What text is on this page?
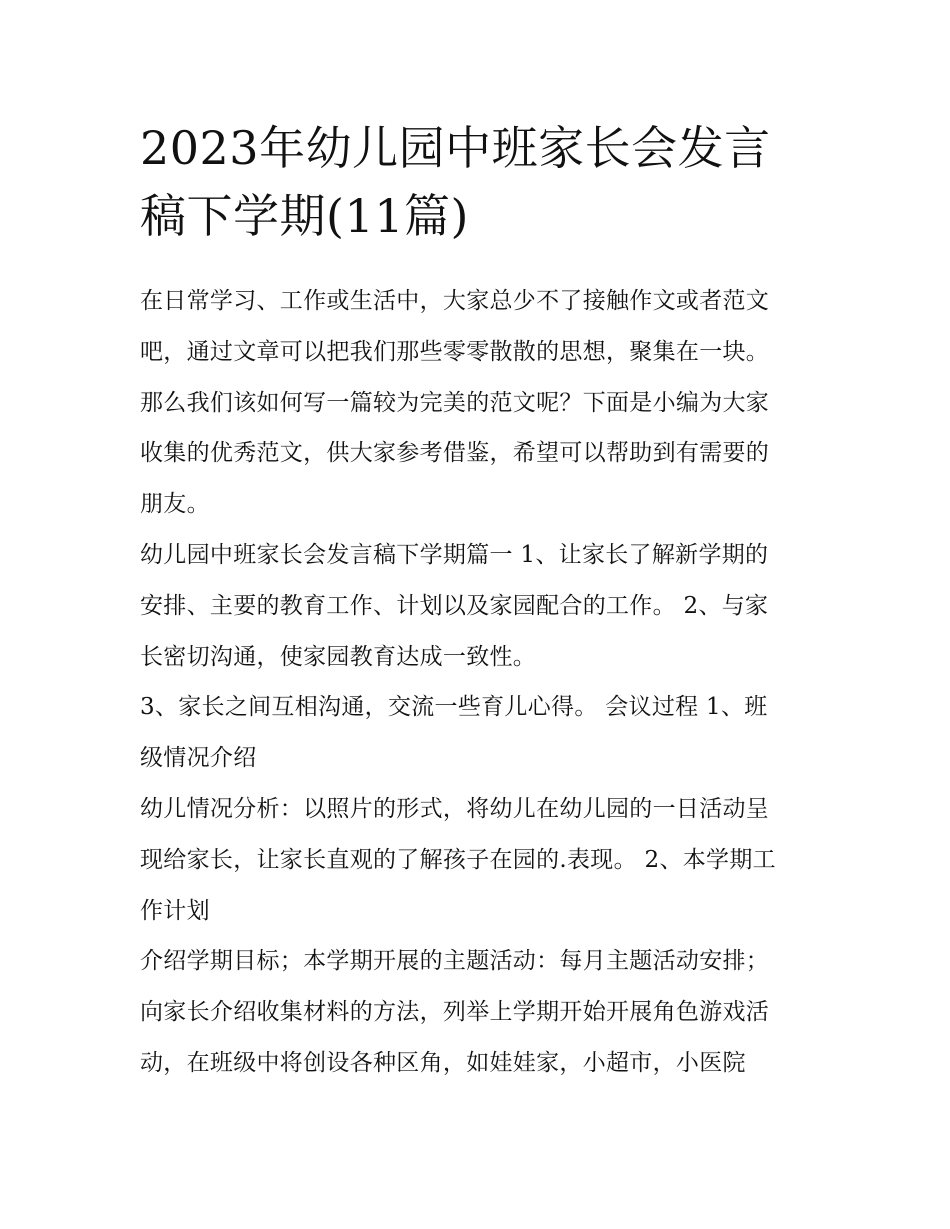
2023年幼儿园中班家长会发言
稿下学期(11篇)

在日常学习、工作或生活中，大家总少不了接触作文或者范文
吧，通过文章可以把我们那些零零散散的思想，聚集在一块。
那么我们该如何写一篇较为完美的范文呢？下面是小编为大家
收集的优秀范文，供大家参考借鉴，希望可以帮助到有需要的
朋友。

幼儿园中班家长会发言稿下学期篇一 1、让家长了解新学期的
安排、主要的教育工作、计划以及家园配合的工作。 2、与家
长密切沟通，使家园教育达成一致性。

3、家长之间互相沟通，交流一些育儿心得。 会议过程 1、班
级情况介绍

幼儿情况分析：以照片的形式，将幼儿在幼儿园的一日活动呈
现给家长，让家长直观的了解孩子在园的.表现。 2、本学期工
作计划

介绍学期目标；本学期开展的主题活动：每月主题活动安排；
向家长介绍收集材料的方法，列举上学期开始开展角色游戏活
动，在班级中将创设各种区角，如娃娃家，小超市，小医院
